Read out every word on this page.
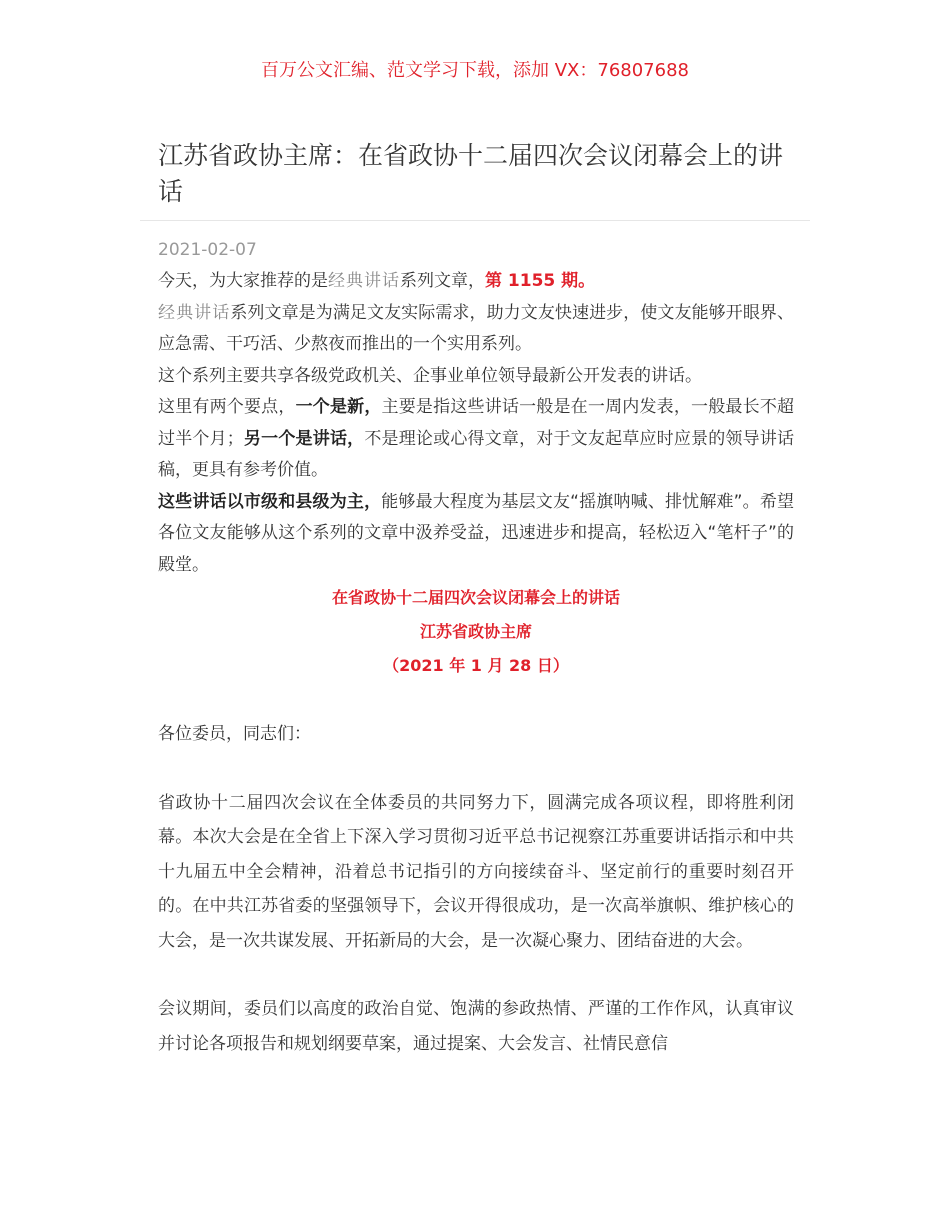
百万公文汇编、范文学习下载，添加 VX：76807688
江苏省政协主席：在省政协十二届四次会议闭幕会上的讲话
2021-02-07

今天，为大家推荐的是经典讲话系列文章，第 1155 期。

经典讲话系列文章是为满足文友实际需求，助力文友快速进步，使文友能够开眼界、应急需、干巧活、少熬夜而推出的一个实用系列。

这个系列主要共享各级党政机关、企事业单位领导最新公开发表的讲话。

这里有两个要点，一个是新，主要是指这些讲话一般是在一周内发表，一般最长不超过半个月；另一个是讲话，不是理论或心得文章，对于文友起草应时应景的领导讲话稿，更具有参考价值。

这些讲话以市级和县级为主，能够最大程度为基层文友“摇旗呐喊、排忧解难”。希望各位文友能够从这个系列的文章中汲养受益，迅速进步和提高，轻松迈入“笔杆子”的殿堂。

在省政协十二届四次会议闭幕会上的讲话

江苏省政协主席

（2021 年 1 月 28 日）

各位委员，同志们：

省政协十二届四次会议在全体委员的共同努力下，圆满完成各项议程，即将胜利闭幕。本次大会是在全省上下深入学习贯彻习近平总书记视察江苏重要讲话指示和中共十九届五中全会精神，沿着总书记指引的方向接续奋斗、坚定前行的重要时刻召开的。在中共江苏省委的坚强领导下，会议开得很成功，是一次高举旗帜、维护核心的大会，是一次共谋发展、开拓新局的大会，是一次凝心聚力、团结奋进的大会。

会议期间，委员们以高度的政治自觉、饱满的参政热情、严谨的工作作风，认真审议并讨论各项报告和规划纲要草案，通过提案、大会发言、社情民意信
